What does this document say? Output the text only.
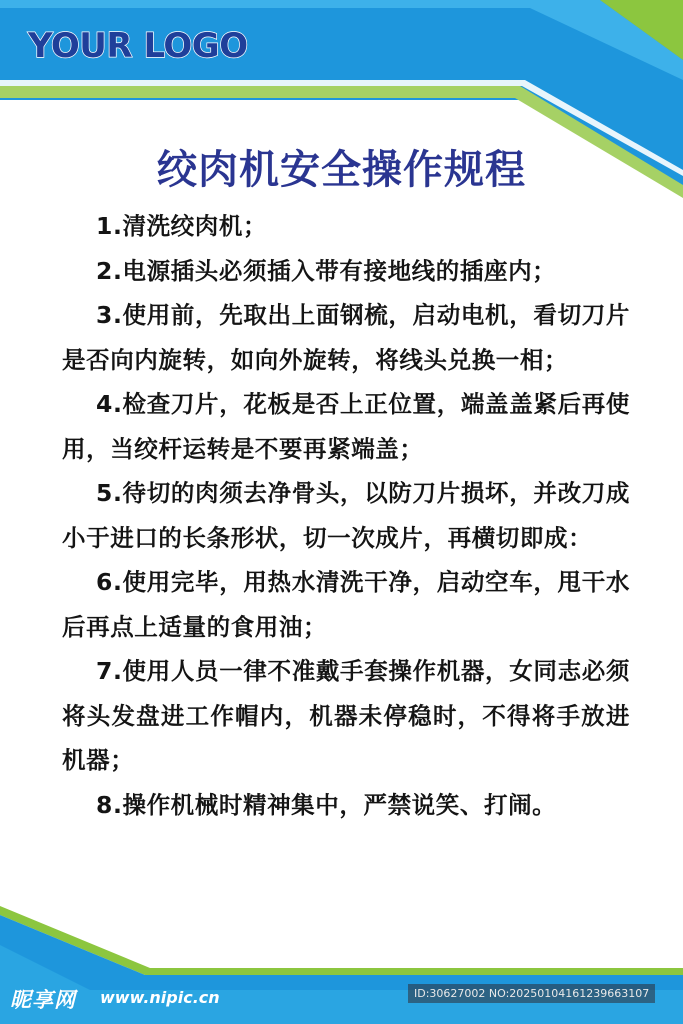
YOUR LOGO
绞肉机安全操作规程
1.清洗绞肉机；
2.电源插头必须插入带有接地线的插座内；
3.使用前，先取出上面钢梳，启动电机，看切刀片是否向内旋转，如向外旋转，将线头兑换一相；
4.检查刀片，花板是否上正位置，端盖盖紧后再使用，当绞杆运转是不要再紧端盖；
5.待切的肉须去净骨头，以防刀片损坏，并改刀成小于进口的长条形状，切一次成片，再横切即成：
6.使用完毕，用热水清洗干净，启动空车，甩干水后再点上适量的食用油；
7.使用人员一律不准戴手套操作机器，女同志必须将头发盘进工作帽内，机器未停稳时，不得将手放进机器；
8.操作机械时精神集中，严禁说笑、打闹。
昵享网 www.nipic.cn	ID:30627002 NO:20250104161239663107
